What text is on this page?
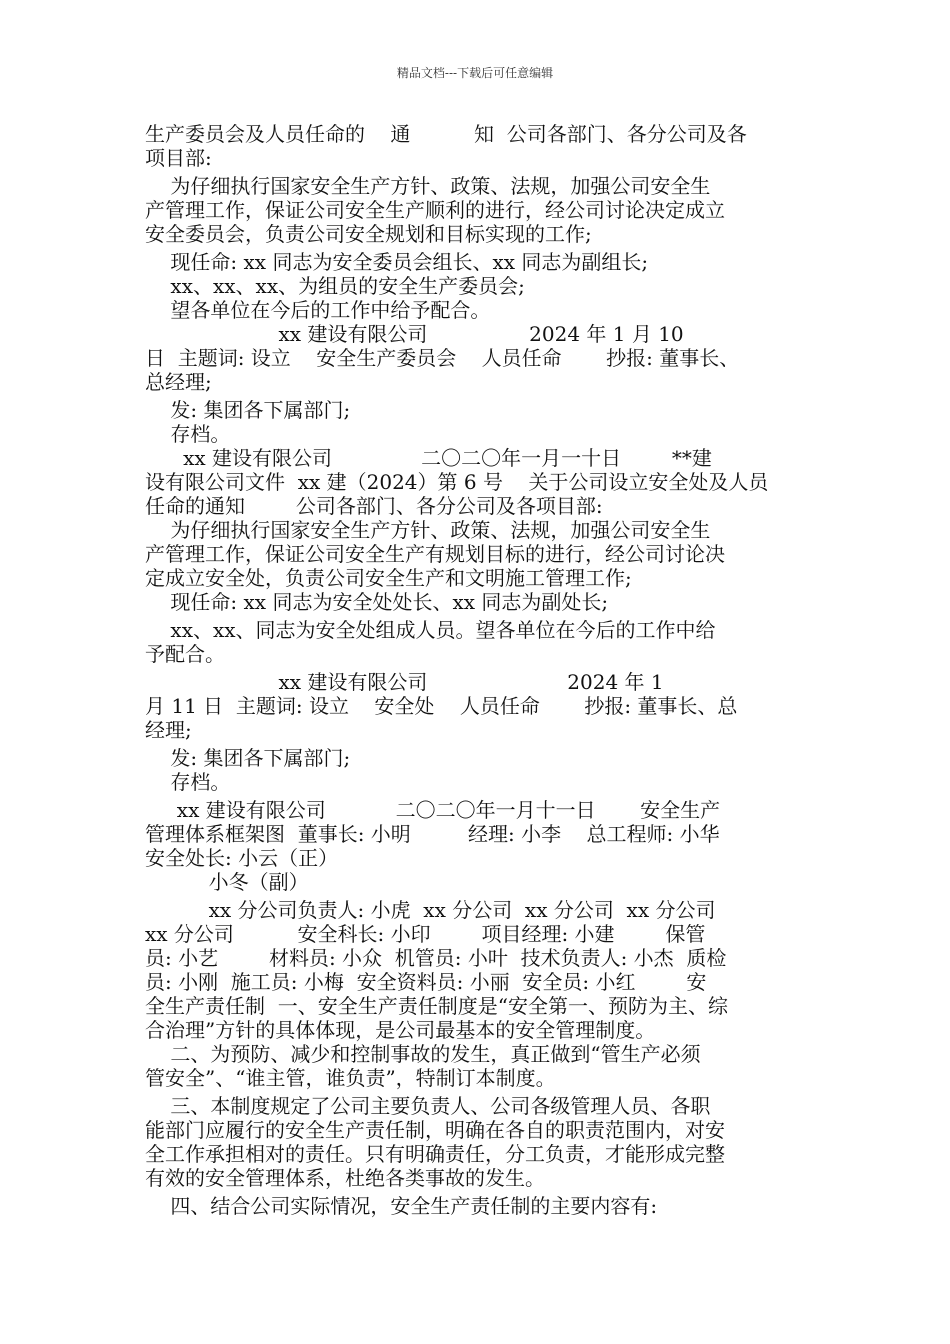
精品文档---下载后可任意编辑
生产委员会及人员任命的    通          知  公司各部门、各分公司及各
项目部:
为仔细执行国家安全生产方针、政策、法规，加强公司安全生
产管理工作，保证公司安全生产顺利的进行，经公司讨论决定成立
安全委员会，负责公司安全规划和目标实现的工作;
现任命: xx 同志为安全委员会组长、xx 同志为副组长;
xx、xx、xx、为组员的安全生产委员会;
望各单位在今后的工作中给予配合。
xx 建设有限公司                2024 年 1 月 10
日  主题词: 设立    安全生产委员会    人员任命       抄报: 董事长、
总经理;
发: 集团各下属部门;
存档。
xx 建设有限公司              二〇二〇年一月一十日        **建
设有限公司文件  xx 建（2024）第 6 号    关于公司设立安全处及人员
任命的通知        公司各部门、各分公司及各项目部:
为仔细执行国家安全生产方针、政策、法规，加强公司安全生
产管理工作，保证公司安全生产有规划目标的进行，经公司讨论决
定成立安全处，负责公司安全生产和文明施工管理工作;
现任命: xx 同志为安全处处长、xx 同志为副处长;
xx、xx、同志为安全处组成人员。望各单位在今后的工作中给
予配合。
xx 建设有限公司                      2024 年 1
月 11 日  主题词: 设立    安全处    人员任命       抄报: 董事长、总
经理;
发: 集团各下属部门;
存档。
xx 建设有限公司           二〇二〇年一月十一日       安全生产
管理体系框架图  董事长: 小明         经理: 小李    总工程师: 小华
安全处长: 小云（正）
小冬（副）
xx 分公司负责人: 小虎  xx 分公司  xx 分公司  xx 分公司
xx 分公司          安全科长: 小印        项目经理: 小建        保管
员: 小艺        材料员: 小众  机管员: 小叶  技术负责人: 小杰  质检
员: 小刚  施工员: 小梅  安全资料员: 小丽  安全员: 小红        安
全生产责任制  一、安全生产责任制度是“安全第一、预防为主、综
合治理”方针的具体体现，是公司最基本的安全管理制度。
二、为预防、减少和控制事故的发生，真正做到“管生产必须
管安全”、“谁主管，谁负责”，特制订本制度。
三、本制度规定了公司主要负责人、公司各级管理人员、各职
能部门应履行的安全生产责任制，明确在各自的职责范围内，对安
全工作承担相对的责任。只有明确责任，分工负责，才能形成完整
有效的安全管理体系，杜绝各类事故的发生。
四、结合公司实际情况，安全生产责任制的主要内容有:
